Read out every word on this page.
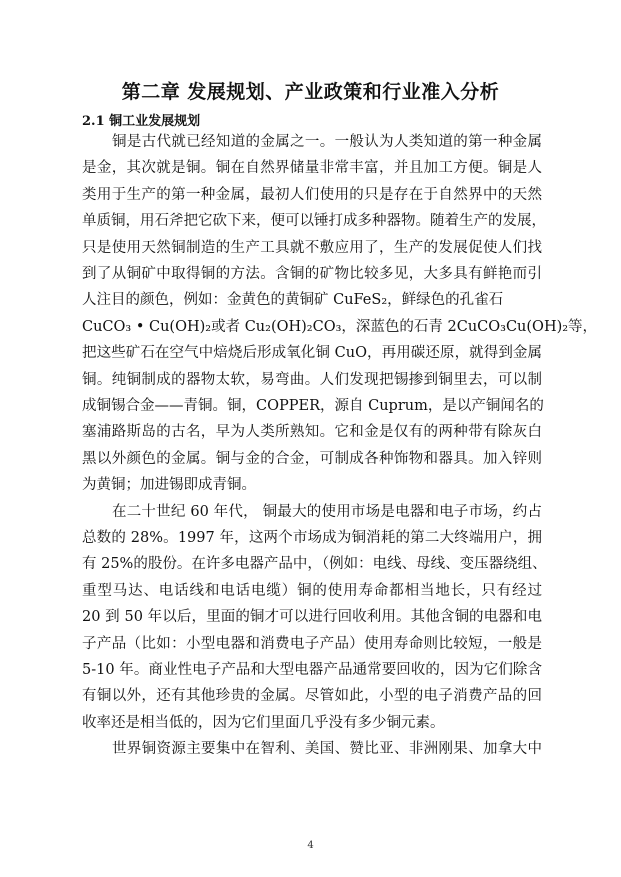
第二章 发展规划、产业政策和行业准入分析
2.1 铜工业发展规划
铜是古代就已经知道的金属之一。一般认为人类知道的第一种金属
是金，其次就是铜。铜在自然界储量非常丰富，并且加工方便。铜是人
类用于生产的第一种金属，最初人们使用的只是存在于自然界中的天然
单质铜，用石斧把它砍下来，便可以锤打成多种器物。随着生产的发展，
只是使用天然铜制造的生产工具就不敷应用了，生产的发展促使人们找
到了从铜矿中取得铜的方法。含铜的矿物比较多见，大多具有鲜艳而引
人注目的颜色，例如：金黄色的黄铜矿 CuFeS₂，鲜绿色的孔雀石
CuCO₃ • Cu(OH)₂或者 Cu₂(OH)₂CO₃，深蓝色的石青 2CuCO₃Cu(OH)₂等，
把这些矿石在空气中焙烧后形成氧化铜 CuO，再用碳还原，就得到金属
铜。纯铜制成的器物太软，易弯曲。人们发现把锡掺到铜里去，可以制
成铜锡合金——青铜。铜，COPPER，源自 Cuprum，是以产铜闻名的
塞浦路斯岛的古名，早为人类所熟知。它和金是仅有的两种带有除灰白
黑以外颜色的金属。铜与金的合金，可制成各种饰物和器具。加入锌则
为黄铜；加进锡即成青铜。
在二十世纪 60 年代， 铜最大的使用市场是电器和电子市场，约占
总数的 28%。1997 年，这两个市场成为铜消耗的第二大终端用户，拥
有 25%的股份。在许多电器产品中，（例如：电线、母线、变压器绕组、
重型马达、电话线和电话电缆）铜的使用寿命都相当地长，只有经过
20 到 50 年以后，里面的铜才可以进行回收利用。其他含铜的电器和电
子产品（比如：小型电器和消费电子产品）使用寿命则比较短，一般是
5-10 年。商业性电子产品和大型电器产品通常要回收的，因为它们除含
有铜以外，还有其他珍贵的金属。尽管如此，小型的电子消费产品的回
收率还是相当低的，因为它们里面几乎没有多少铜元素。
世界铜资源主要集中在智利、美国、赞比亚、非洲刚果、加拿大中
4
